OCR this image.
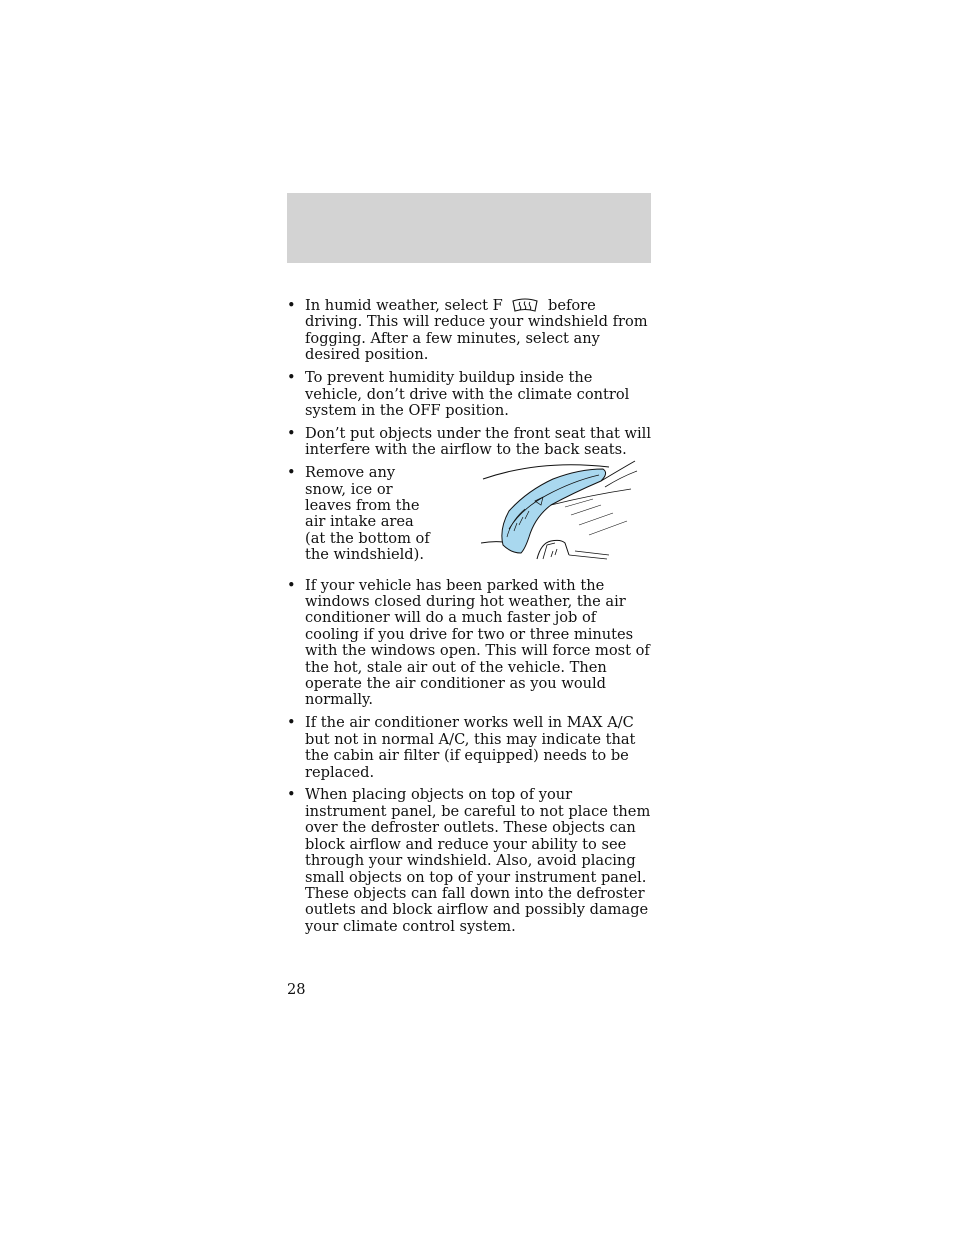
• In humid weather, select F	before driving. This will reduce your windshield from fogging. After a few minutes, select any desired position.
• To prevent humidity buildup inside the vehicle, don’t drive with the climate control system in the OFF position.
• Don’t put objects under the front seat that will interfere with the airflow to the back seats.
• Remove any snow, ice or leaves from the air intake area (at the bottom of the windshield).
• If your vehicle has been parked with the windows closed during hot weather, the air conditioner will do a much faster job of cooling if you drive for two or three minutes with the windows open. This will force most of the hot, stale air out of the vehicle. Then operate the air conditioner as you would normally.
• If the air conditioner works well in MAX A/C but not in normal A/C, this may indicate that the cabin air filter (if equipped) needs to be replaced.
• When placing objects on top of your instrument panel, be careful to not place them over the defroster outlets. These objects can block airflow and reduce your ability to see through your windshield. Also, avoid placing small objects on top of your instrument panel. These objects can fall down into the defroster outlets and block airflow and possibly damage your climate control system.
28
